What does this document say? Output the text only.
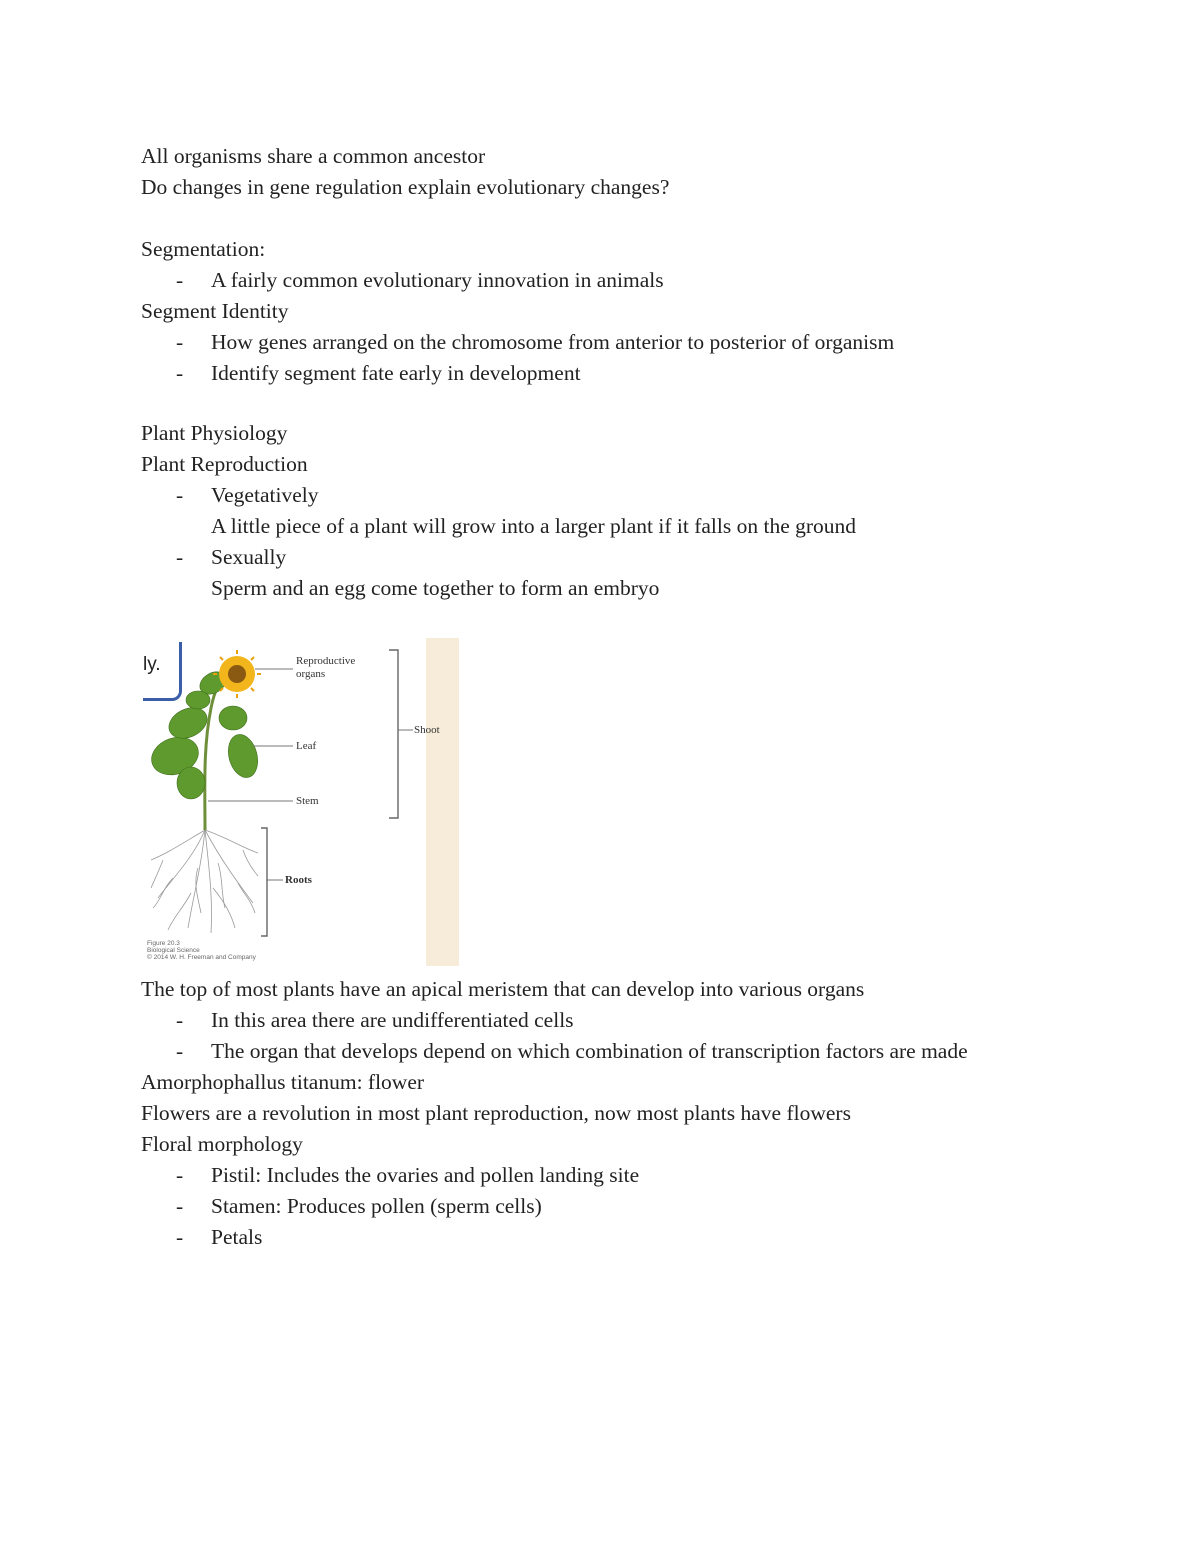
All organisms share a common ancestor
Do changes in gene regulation explain evolutionary changes?
Segmentation:
- A fairly common evolutionary innovation in animals
Segment Identity
- How genes arranged on the chromosome from anterior to posterior of organism
- Identify segment fate early in development
Plant Physiology
Plant Reproduction
- Vegetatively
A little piece of a plant will grow into a larger plant if it falls on the ground
- Sexually
Sperm and an egg come together to form an embryo
ly.	Reproductive
organs
Leaf
Stem
Shoot
Roots
Figure 20.3
Biological Science
© 2014 W. H. Freeman and Company
The top of most plants have an apical meristem that can develop into various organs
- In this area there are undifferentiated cells
- The organ that develops depend on which combination of transcription factors are made
Amorphophallus titanum: flower
Flowers are a revolution in most plant reproduction, now most plants have flowers
Floral morphology
- Pistil: Includes the ovaries and pollen landing site
- Stamen: Produces pollen (sperm cells)
- Petals
